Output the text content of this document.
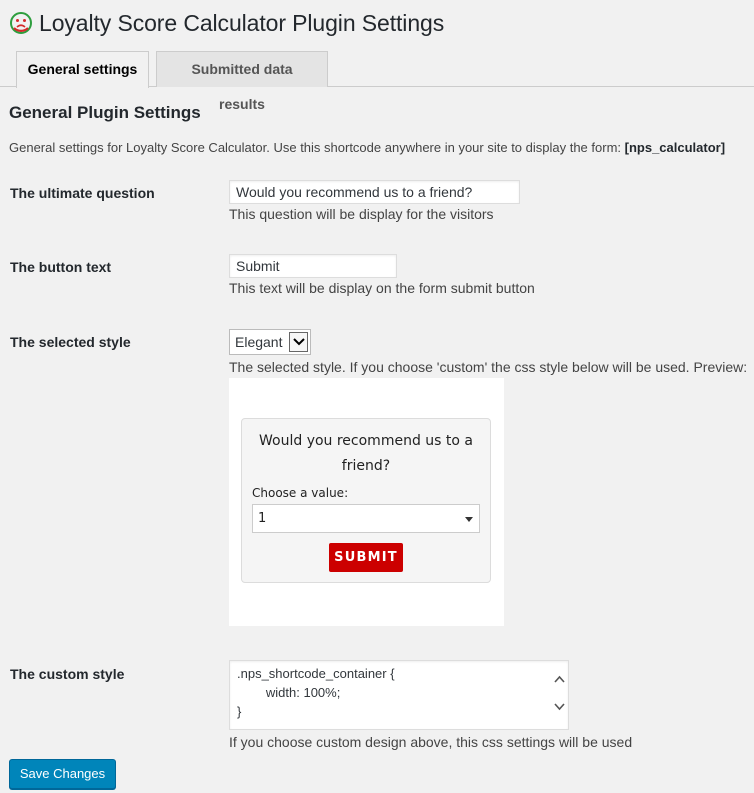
Loyalty Score Calculator Plugin Settings
General settings	Submitted data results
General Plugin Settings
General settings for Loyalty Score Calculator. Use this shortcode anywhere in your site to display the form: [nps_calculator]
The ultimate question	Would you recommend us to a friend?
This question will be display for the visitors
The button text	Submit
This text will be display on the form submit button
The selected style	Elegant
The selected style. If you choose 'custom' the css style below will be used. Preview:
Would you recommend us to a friend?
Choose a value:
1
SUBMIT
The custom style	.nps_shortcode_container {
width: 100%;
}
If you choose custom design above, this css settings will be used
Save Changes
